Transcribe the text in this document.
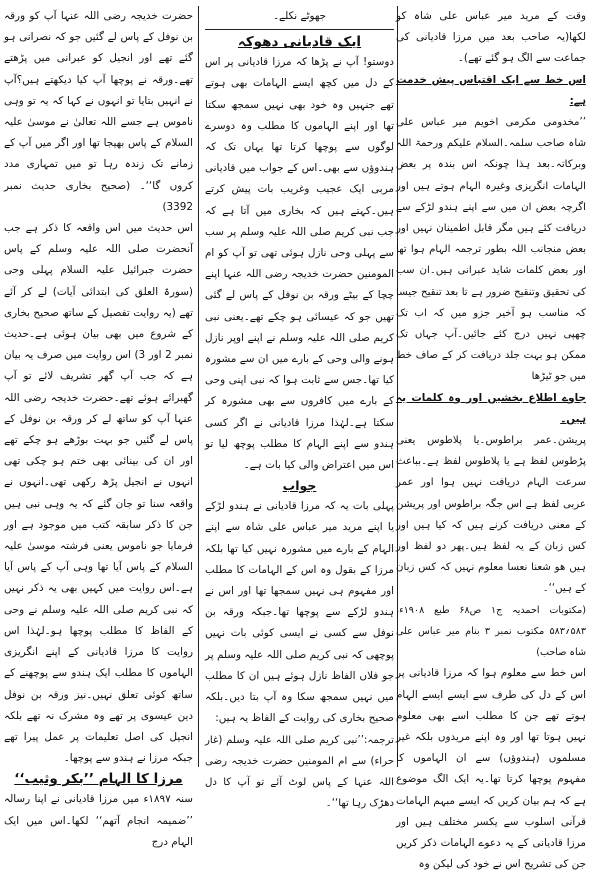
وقت کے مرید میر عباس علی شاہ کو لکھا(یہ صاحب بعد میں مرزا قادیانی کی جماعت سے الگ ہو گئے تھے)۔

اس خط سے ایک اقتباس پیش خدمت ہے:

’’مخدومی مکرمی اخویم میر عباس علی شاہ صاحب سلمہ۔السلام علیکم ورحمۃ اللہ وبرکاتہ۔بعد ہذا چونکہ اس بندہ پر بعض الہامات انگریزی وغیرہ الہام ہوتے ہیں اور اگرچہ بعض ان میں سے اپنے ہندو لڑکے سے دریافت کئے ہیں مگر قابل اطمینان نہیں اور بعض منجانب اللہ بطور ترجمہ الہام ہوا تھا اور بعض کلمات شاید عبرانی ہیں۔ان سب کی تحقیق وتنقیح ضرور ہے تا بعد تنقیح جیسا کہ مناسب ہو آخیر جزو میں کہ اب تک چھپی نہیں درج کئے جائیں۔آپ جہاں تک ممکن ہو بہت جلد دریافت کر کے صاف خط میں جو ٹیڑھا

جاوے اطلاع بخشیں اور وہ کلمات یہ ہیں۔

پریشن۔عمر براطوس۔یا پلاطوس یعنی پڑطوس لفظ ہے یا پلاطوس لفظ ہے۔بباعث سرعت الہام دریافت نہیں ہوا اور عمر عربی لفظ ہے اس جگہ براطوس اور پریشن کے معنی دریافت کرنے ہیں کہ کیا ہیں اور کس زبان کے یہ لفظ ہیں۔پھر دو لفظ اور ہیں ھو شعنا نعسا معلوم نہیں کہ کس زبان کے ہیں‘‘۔

(مکتوبات احمدیہ ج۱ ص۶۸ طبع ۱۹۰۸ء، ۵۸۳؍۵۸۳ مکتوب نمبر ۳ بنام میر عباس علی شاہ صاحب)

اس خط سے معلوم ہوا کہ مرزا قادیانی پر اس کے دل کی طرف سے ایسے ایسے الہام ہوتے تھے جن کا مطلب اسے بھی معلوم نہیں ہوتا تھا اور وہ اپنے مریدوں بلکہ غیر مسلموں (ہندوؤں) سے ان الہاموں کا مفہوم پوچھا کرتا تھا۔یہ ایک الگ موضوع ہے کہ ہم بیان کریں کہ ایسے مبہم الہامات قرآنی اسلوب سے یکسر مختلف ہیں اور مرزا قادیانی کے یہ دعوے الہامات ذکر کریں جن کی تشریح اس نے خود کی لیکن وہ

جھوٹے نکلے۔

ایک قادیانی دھوکہ

دوستو! آپ نے پڑھا کہ مرزا قادیانی پر اس کے دل میں کچھ ایسے الہامات بھی ہوتے تھے جنہیں وہ خود بھی نہیں سمجھ سکتا تھا اور اپنے الہاموں کا مطلب وہ دوسرے لوگوں سے پوچھا کرتا تھا یہاں تک کہ ہندوؤں سے بھی۔اس کے جواب میں قادیانی مربی ایک عجیب وغریب بات پیش کرتے ہیں۔کہتے ہیں کہ بخاری میں آتا ہے کہ جب نبی کریم صلی اللہ علیہ وسلم پر سب سے پہلی وحی نازل ہوئی تھی تو آپ کو ام المومنین حضرت خدیجہ رضی اللہ عنہا اپنے چچا کے بیٹے ورقہ بن نوفل کے پاس لے گئی تھیں جو کہ عیسائی ہو چکے تھے۔یعنی نبی کریم صلی اللہ علیہ وسلم نے اپنے اوپر نازل ہونے والی وحی کے بارے میں ان سے مشورہ کیا تھا۔جس سے ثابت ہوا کہ نبی اپنی وحی کے بارے میں کافروں سے بھی مشورہ کر سکتا ہے۔لہٰذا مرزا قادیانی نے اگر کسی ہندو سے اپنے الہام کا مطلب پوچھ لیا تو اس میں اعتراض والی کیا بات ہے۔

جواب

پہلی بات یہ کہ مرزا قادیانی نے ہندو لڑکے یا اپنے مرید میر عباس علی شاہ سے اپنے الہام کے بارے میں مشورہ نہیں کیا تھا بلکہ مرزا کے بقول وہ اس کے الہامات کا مطلب اور مفہوم ہی نہیں سمجھا تھا اور اس نے ہندو لڑکے سے پوچھا تھا۔جبکہ ورقہ بن نوفل سے کسی نے ایسی کوئی بات نہیں پوچھی کہ نبی کریم صلی اللہ علیہ وسلم پر جو فلاں الفاظ نازل ہوئے ہیں ان کا مطلب میں نہیں سمجھ سکا وہ آپ بتا دیں۔بلکہ صحیح بخاری کی روایت کے الفاظ یہ ہیں:

ترجمہ:’’نبی کریم صلی اللہ علیہ وسلم (غار حراء) سے ام المومنین حضرت خدیجہ رضی اللہ عنہا کے پاس لوٹ آئے تو آپ کا دل دھڑک رہا تھا‘‘۔

حضرت خدیجہ رضی اللہ عنہا آپ کو ورقہ بن نوفل کے پاس لے گئیں جو کہ نصرانی ہو گئے تھے اور انجیل کو عبرانی میں پڑھتے تھے۔ورقہ نے پوچھا آپ کیا دیکھتے ہیں؟آپ نے انہیں بتایا تو انہوں نے کہا کہ یہ تو وہی ناموس ہے جسے اللہ تعالیٰ نے موسیٰ علیہ السلام کے پاس بھیجا تھا اور اگر میں آپ کے زمانے تک زندہ رہا تو میں تمہاری مدد کروں گا‘‘۔ (صحیح بخاری حدیث نمبر 3392)

اس حدیث میں اس واقعہ کا ذکر ہے جب آنحضرت صلی اللہ علیہ وسلم کے پاس حضرت جبرائیل علیہ السلام پہلی وحی (سورۃ العلق کی ابتدائی آیات) لے کر آئے تھے (یہ روایت تفصیل کے ساتھ صحیح بخاری کے شروع میں بھی بیان ہوئی ہے۔حدیث نمبر 2 اور 3) اس روایت میں صرف یہ بیان ہے کہ جب آپ گھر تشریف لائے تو آپ گھبرائے ہوئے تھے۔حضرت خدیجہ رضی اللہ عنہا آپ کو ساتھ لے کر ورقہ بن نوفل کے پاس لے گئیں جو بہت بوڑھے ہو چکے تھے اور ان کی بینائی بھی ختم ہو چکی تھی انہوں نے انجیل پڑھ رکھی تھی۔انہوں نے واقعہ سنا تو جان گئے کہ یہ وہی نبی ہیں جن کا ذکر سابقہ کتب میں موجود ہے اور فرمایا جو ناموس یعنی فرشتہ موسیٰ علیہ السلام کے پاس آیا تھا وہی آپ کے پاس آیا ہے۔اس روایت میں کہیں بھی یہ ذکر نہیں کہ نبی کریم صلی اللہ علیہ وسلم نے وحی کے الفاظ کا مطلب پوچھا ہو۔لہٰذا اس روایت کا مرزا قادیانی کے اپنے انگریزی الہاموں کا مطلب ایک ہندو سے پوچھنے کے ساتھ کوئی تعلق نہیں۔نیز ورقہ بن نوفل دین عیسوی پر تھے وہ مشرک نہ تھے بلکہ انجیل کی اصل تعلیمات پر عمل پیرا تھے جبکہ مرزا نے ہندو سے پوچھا۔

مرزا کا الہام ’’بکر وثیب‘‘

سنہ ۱۸۹۷ء میں مرزا قادیانی نے اپنا رسالہ ’’ضمیمہ انجام آتھم‘‘ لکھا۔اس میں ایک الہام درج
